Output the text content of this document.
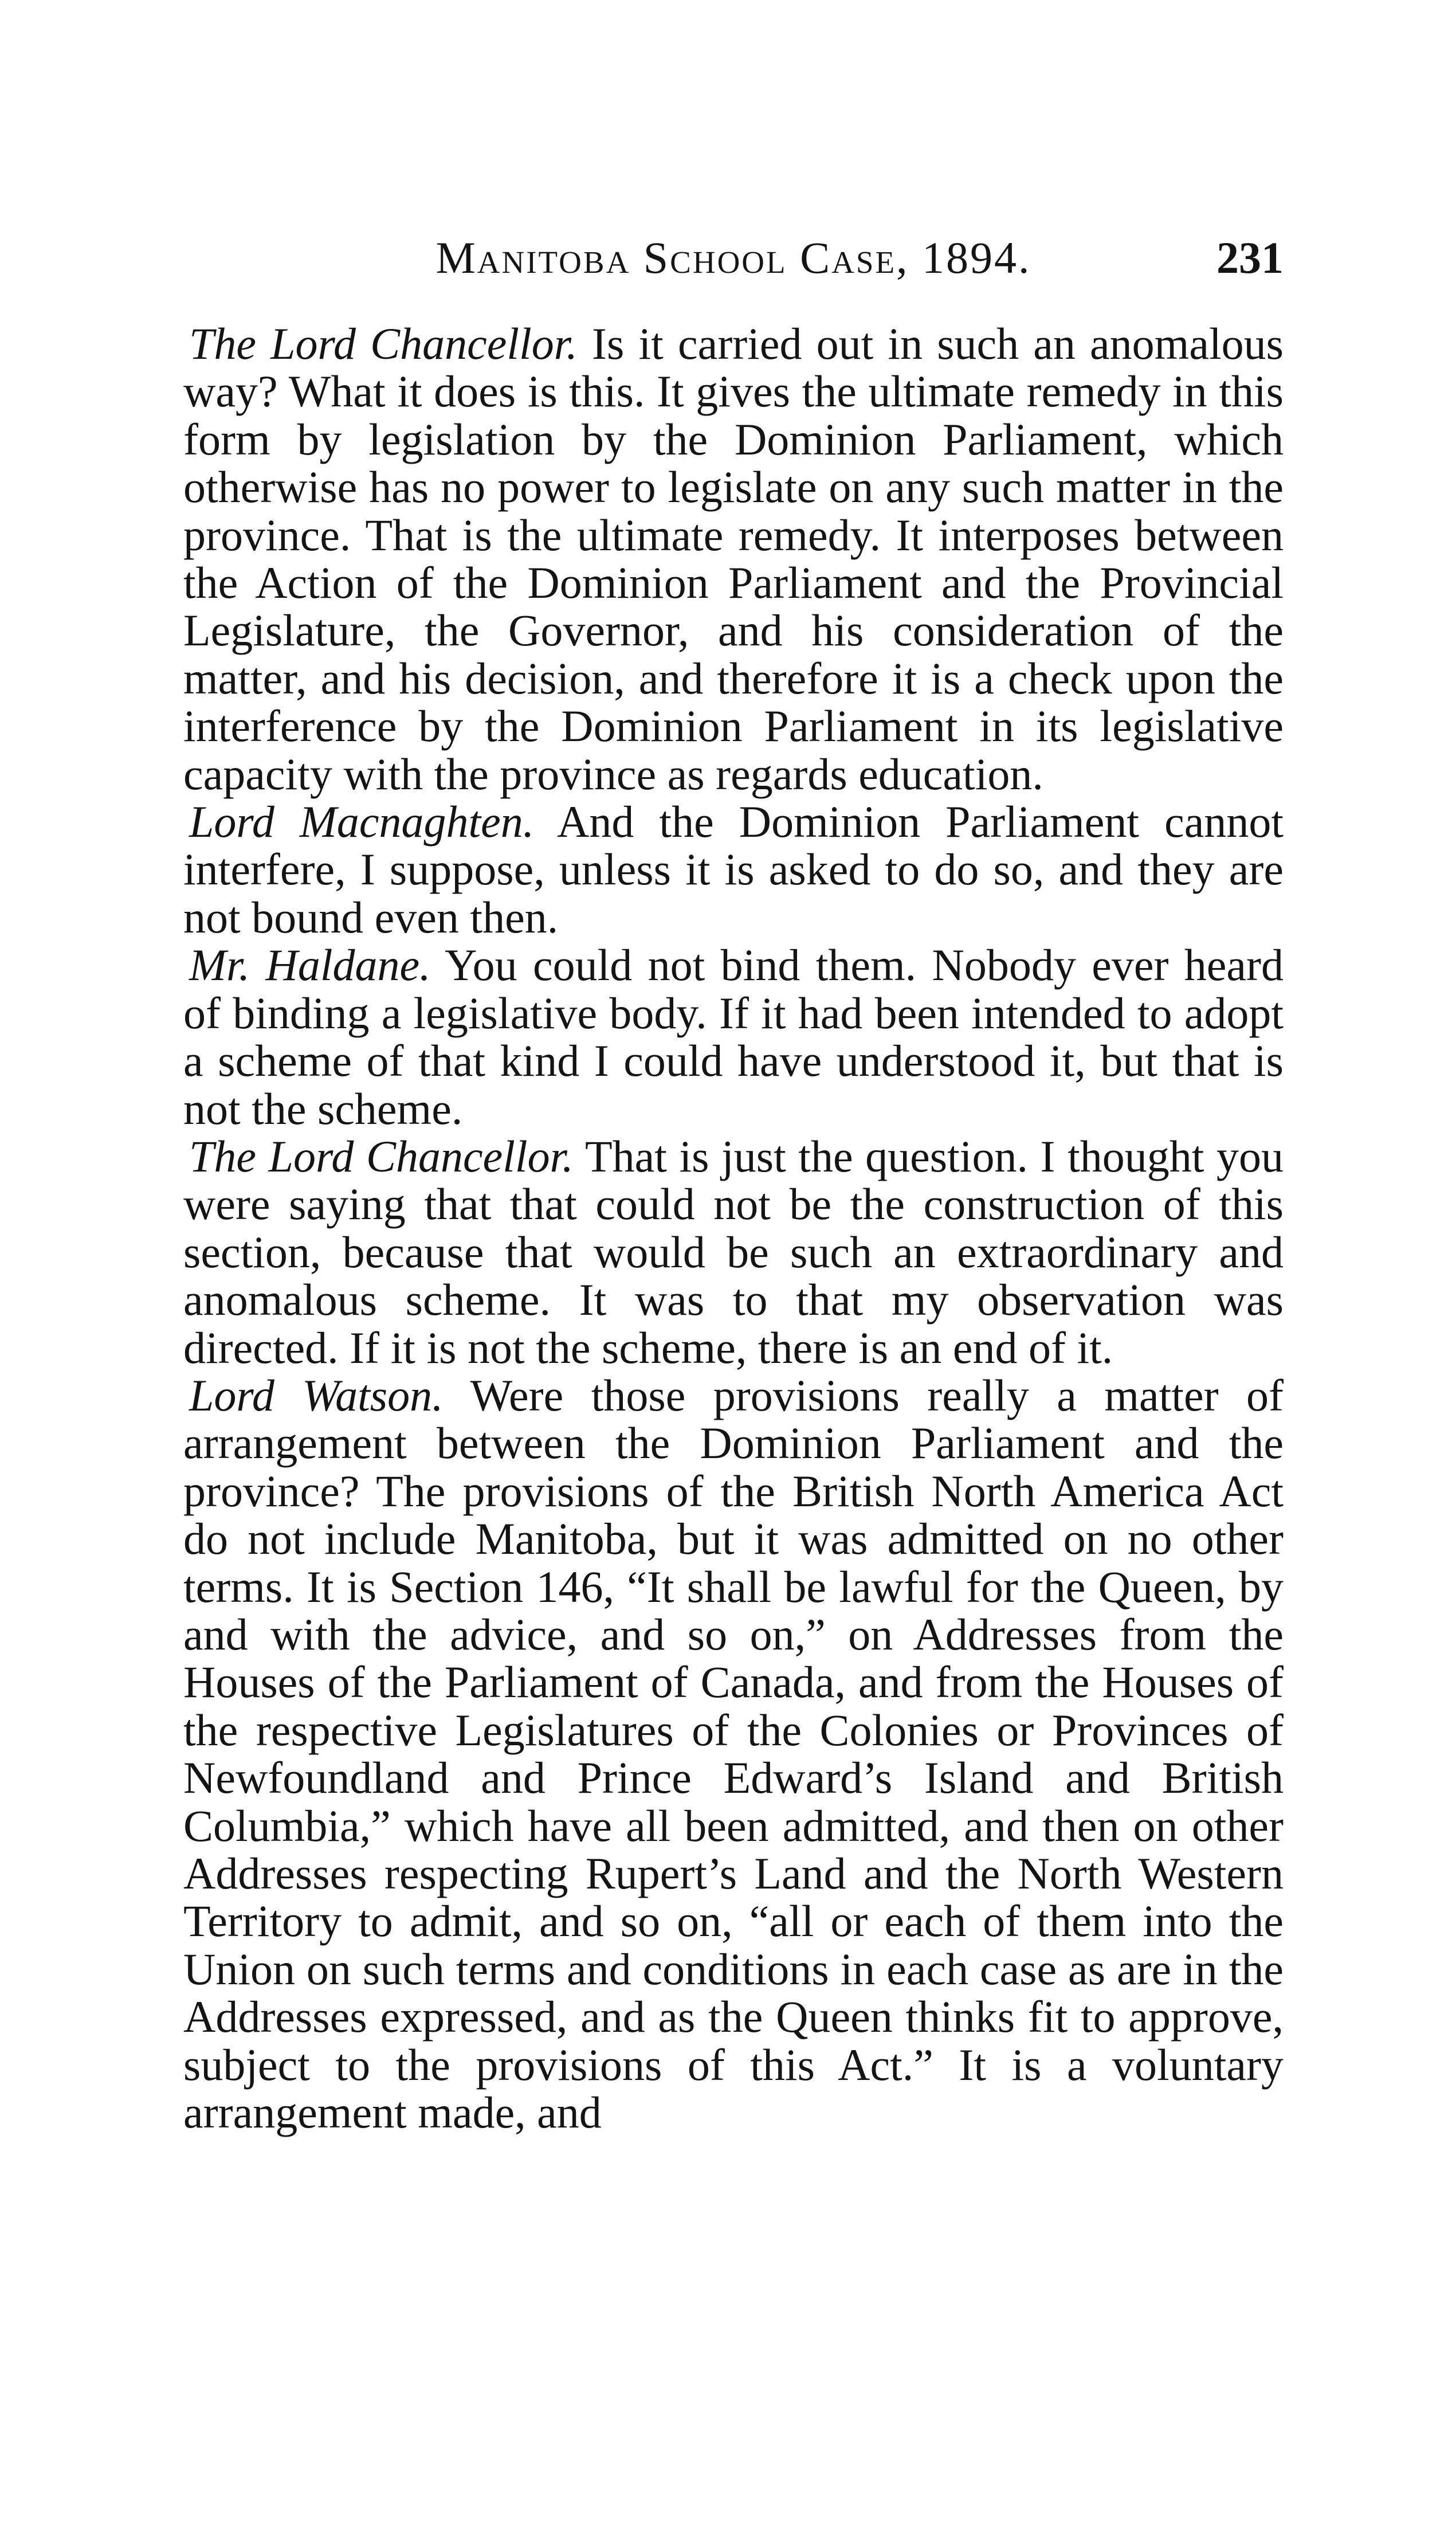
Manitoba School Case, 1894.	231

The Lord Chancellor. Is it carried out in such an anomalous way? What it does is this. It gives the ultimate remedy in this form by legislation by the Dominion Parliament, which otherwise has no power to legislate on any such matter in the province. That is the ultimate remedy. It interposes between the Action of the Dominion Parliament and the Provincial Legislature, the Governor, and his consideration of the matter, and his decision, and therefore it is a check upon the interference by the Dominion Parliament in its legislative capacity with the province as regards education.

Lord Macnaghten. And the Dominion Parliament cannot interfere, I suppose, unless it is asked to do so, and they are not bound even then.

Mr. Haldane. You could not bind them. Nobody ever heard of binding a legislative body. If it had been intended to adopt a scheme of that kind I could have understood it, but that is not the scheme.

The Lord Chancellor. That is just the question. I thought you were saying that that could not be the construction of this section, because that would be such an extraordinary and anomalous scheme. It was to that my observation was directed. If it is not the scheme, there is an end of it.

Lord Watson. Were those provisions really a matter of arrangement between the Dominion Parliament and the province? The provisions of the British North America Act do not include Manitoba, but it was admitted on no other terms. It is Section 146, “It shall be lawful for the Queen, by and with the advice, and so on,” on Addresses from the Houses of the Parliament of Canada, and from the Houses of the respective Legislatures of the Colonies or Provinces of Newfoundland and Prince Edward’s Island and British Columbia,” which have all been admitted, and then on other Addresses respecting Rupert’s Land and the North Western Territory to admit, and so on, “all or each of them into the Union on such terms and conditions in each case as are in the Addresses expressed, and as the Queen thinks fit to approve, subject to the provisions of this Act.” It is a voluntary arrangement made, and
